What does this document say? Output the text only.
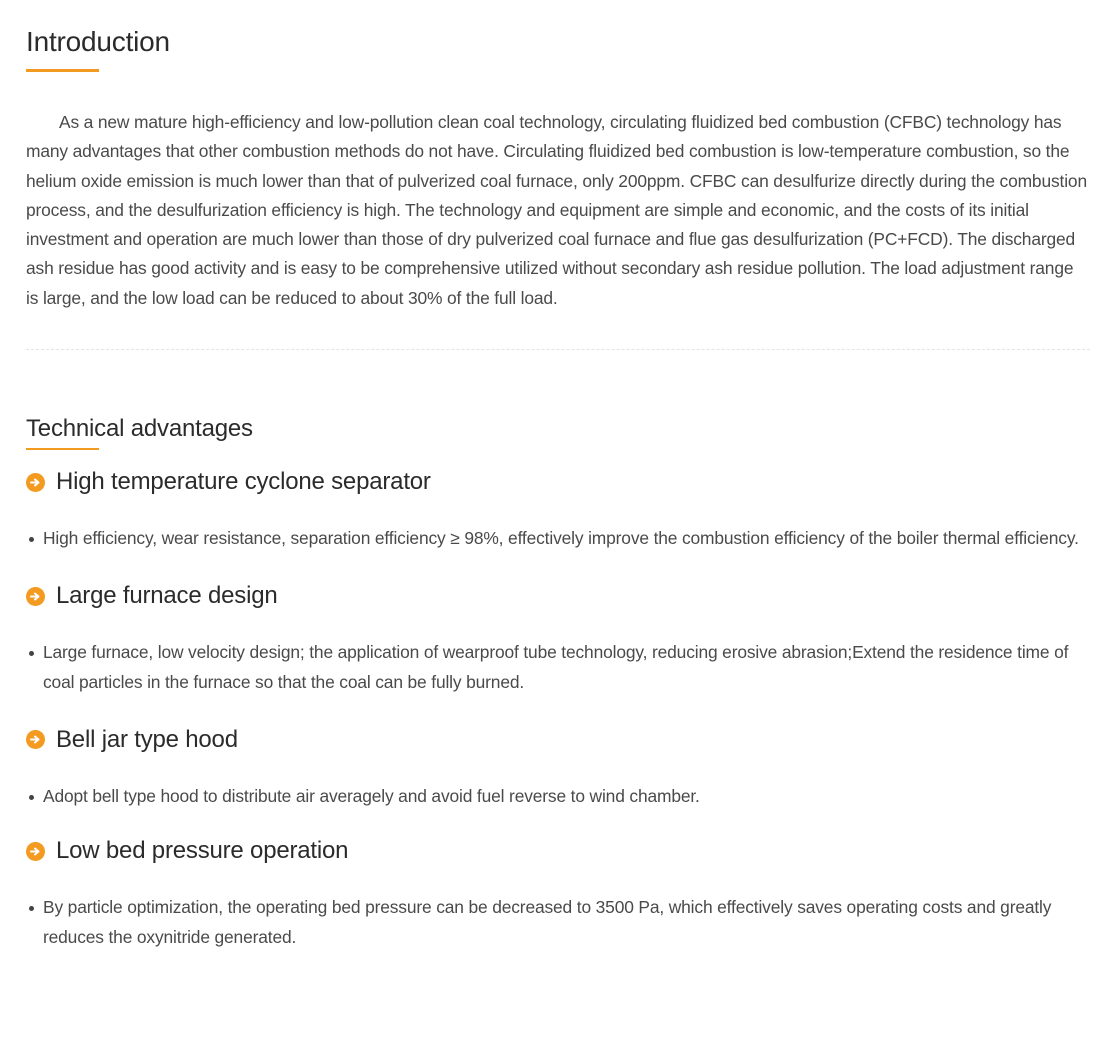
Introduction

As a new mature high-efficiency and low-pollution clean coal technology, circulating fluidized bed combustion (CFBC) technology has many advantages that other combustion methods do not have. Circulating fluidized bed combustion is low-temperature combustion, so the helium oxide emission is much lower than that of pulverized coal furnace, only 200ppm. CFBC can desulfurize directly during the combustion process, and the desulfurization efficiency is high. The technology and equipment are simple and economic, and the costs of its initial investment and operation are much lower than those of dry pulverized coal furnace and flue gas desulfurization (PC+FCD). The discharged ash residue has good activity and is easy to be comprehensive utilized without secondary ash residue pollution. The load adjustment range is large, and the low load can be reduced to about 30% of the full load.

Technical advantages
High temperature cyclone separator
High efficiency, wear resistance, separation efficiency ≥ 98%, effectively improve the combustion efficiency of the boiler thermal efficiency.
Large furnace design
Large furnace, low velocity design; the application of wearproof tube technology, reducing erosive abrasion;Extend the residence time of coal particles in the furnace so that the coal can be fully burned.
Bell jar type hood
Adopt bell type hood to distribute air averagely and avoid fuel reverse to wind chamber.
Low bed pressure operation
By particle optimization, the operating bed pressure can be decreased to 3500 Pa, which effectively saves operating costs and greatly reduces the oxynitride generated.
